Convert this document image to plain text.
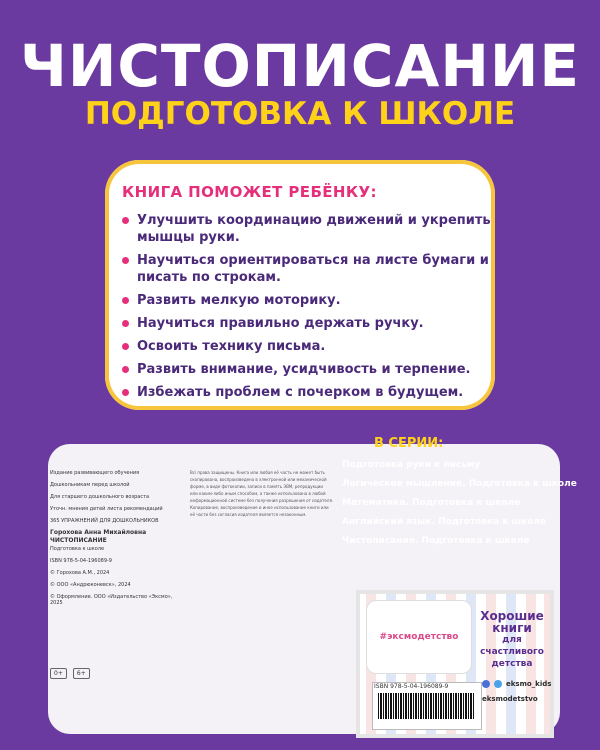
ЧИСТОПИСАНИЕ
ПОДГОТОВКА К ШКОЛЕ
КНИГА ПОМОЖЕТ РЕБЁНКУ:
Улучшить координацию движений и укрепить мышцы руки.
Научиться ориентироваться на листе бумаги и писать по строкам.
Развить мелкую моторику.
Научиться правильно держать ручку.
Освоить технику письма.
Развить внимание, усидчивость и терпение.
Избежать проблем с почерком в будущем.
В СЕРИИ:
Подготовка руки к письму
Логическое мышление. Подготовка к школе
Математика. Подготовка к школе
Английский язык. Подготовка к школе
Чистописание. Подготовка к школе
Издание развивающего обучения
Дошкольникам перед школой
Для старшего дошкольного возраста
Уточн. мнения детей листа рекомендаций
365 УПРАЖНЕНИЙ ДЛЯ ДОШКОЛЬНИКОВ
Горохова Анна Михайловна
ЧИСТОПИСАНИЕ
Подготовка к школе
ISBN 978-5-04-196089-9
© Горохова А.М., 2024
© ООО «Андрюконевск», 2024
© Оформление. ООО «Издательство «Эксмо», 2025
Всі права защищены. Книга или любая её часть не может быть
скопирована, воспроизведена в электронной или механической
форме, в виде фотокопии, записи в память ЭВМ, репродукции
или каким-либо иным способом, а также использована в любой
информационной системе без получения разрешения от издателя.
Копирование, воспроизведение и иное использование книги или
её части без согласия издателя является незаконным.
0+	6+
#эксмодетство
Хорошие
книги
для счастливого детства
ISBN 978-5-04-196089-9	eksmo_kids
eksmodetstvo
